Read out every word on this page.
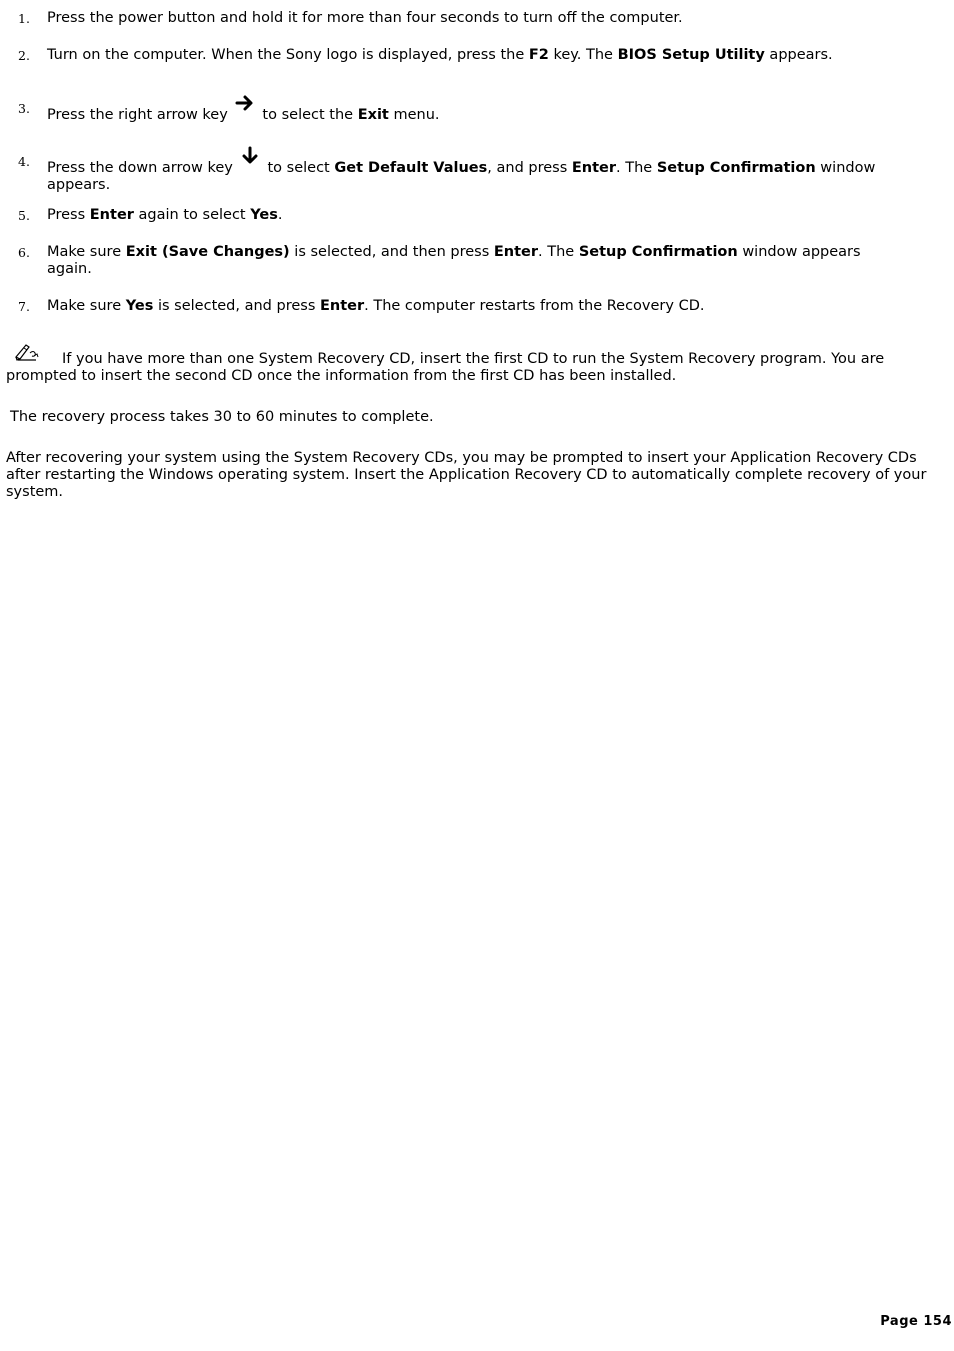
1. Press the power button and hold it for more than four seconds to turn off the computer.
2. Turn on the computer. When the Sony logo is displayed, press the F2 key. The BIOS Setup Utility appears.
3. Press the right arrow key
to select the Exit menu.
4. Press the down arrow key
to select Get Default Values, and press Enter. The Setup Confirmation window appears.
5. Press Enter again to select Yes.
6. Make sure Exit (Save Changes) is selected, and then press Enter. The Setup Confirmation window appears again.
7. Make sure Yes is selected, and press Enter. The computer restarts from the Recovery CD.
If you have more than one System Recovery CD, insert the first CD to run the System Recovery program. You are prompted to insert the second CD once the information from the first CD has been installed.
The recovery process takes 30 to 60 minutes to complete.
After recovering your system using the System Recovery CDs, you may be prompted to insert your Application Recovery CDs after restarting the Windows operating system. Insert the Application Recovery CD to automatically complete recovery of your system.
Page 154
